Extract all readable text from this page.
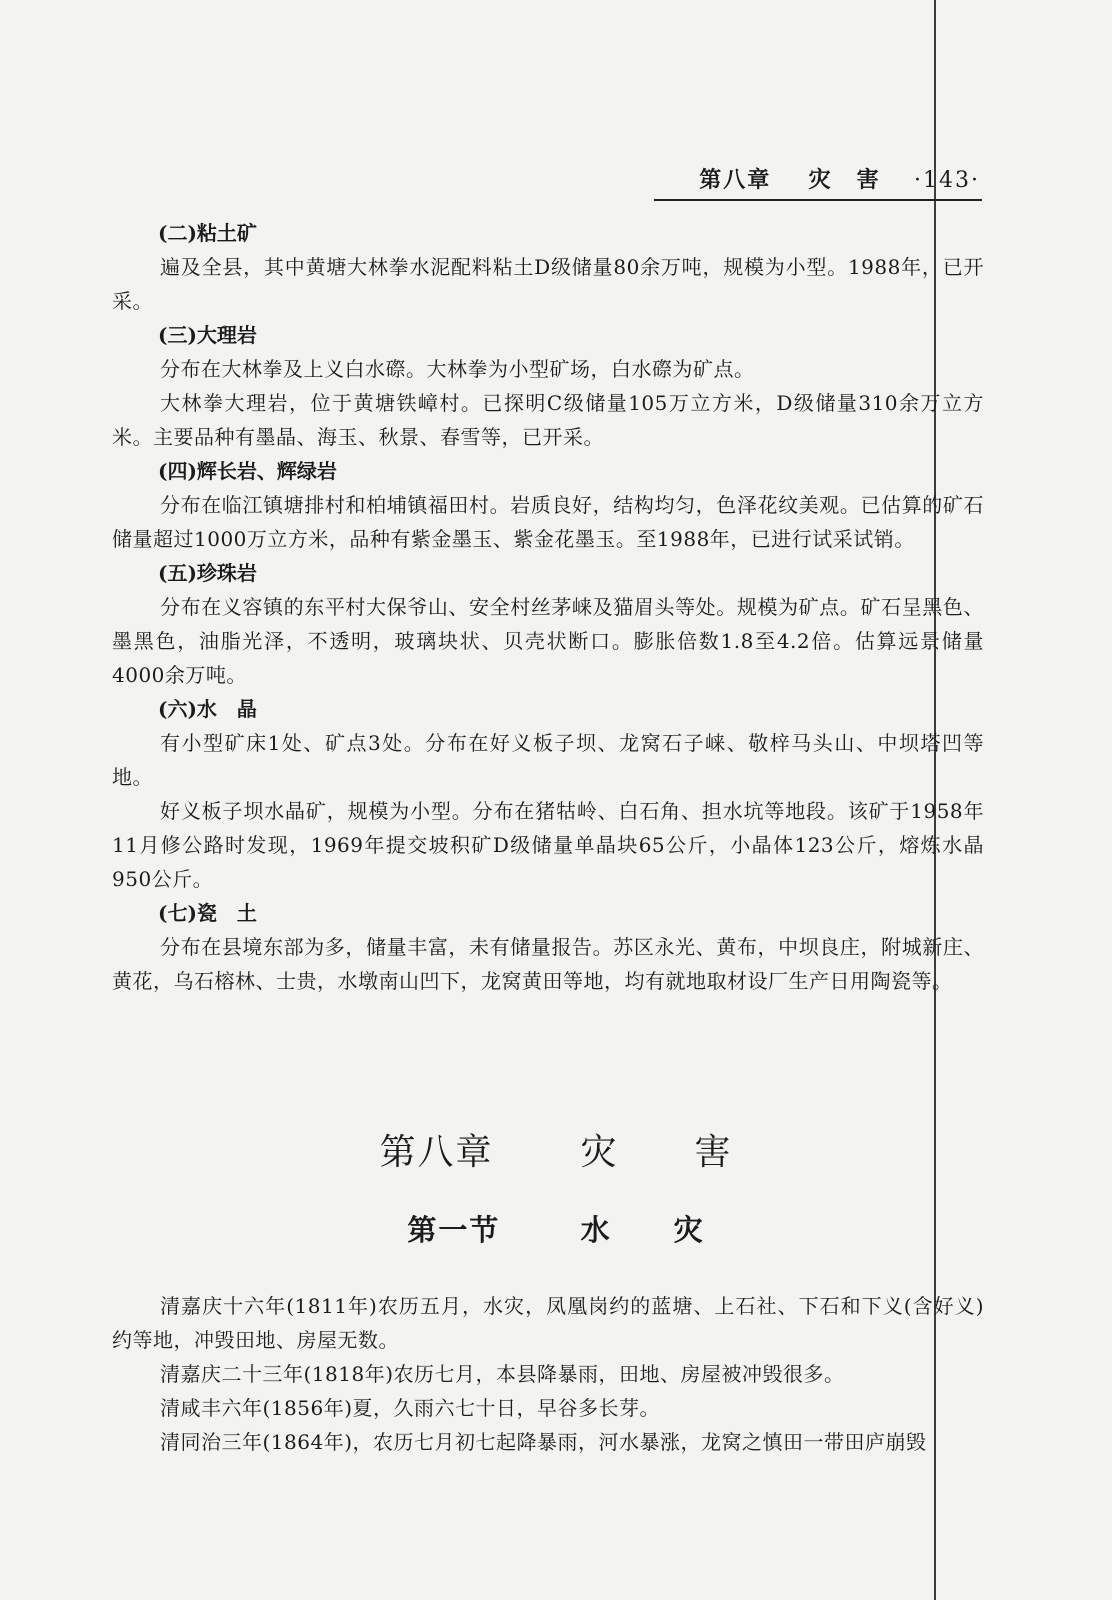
第八章 灾　害 ·143·
(二)粘土矿

遍及全县，其中黄塘大林拳水泥配料粘土D级储量80余万吨，规模为小型。1988年，已开采。

(三)大理岩

分布在大林拳及上义白水磜。大林拳为小型矿场，白水磜为矿点。

大林拳大理岩，位于黄塘铁嶂村。已探明C级储量105万立方米，D级储量310余万立方米。主要品种有墨晶、海玉、秋景、春雪等，已开采。

(四)辉长岩、辉绿岩

分布在临江镇塘排村和柏埔镇福田村。岩质良好，结构均匀，色泽花纹美观。已估算的矿石储量超过1000万立方米，品种有紫金墨玉、紫金花墨玉。至1988年，已进行试采试销。

(五)珍珠岩

分布在义容镇的东平村大保爷山、安全村丝茅崃及猫眉头等处。规模为矿点。矿石呈黑色、墨黑色，油脂光泽，不透明，玻璃块状、贝壳状断口。膨胀倍数1.8至4.2倍。估算远景储量4000余万吨。

(六)水　晶

有小型矿床1处、矿点3处。分布在好义板子坝、龙窝石子崃、敬梓马头山、中坝塔凹等地。

好义板子坝水晶矿，规模为小型。分布在猪牯岭、白石角、担水坑等地段。该矿于1958年11月修公路时发现，1969年提交坡积矿D级储量单晶块65公斤，小晶体123公斤，熔炼水晶950公斤。

(七)瓷　土

分布在县境东部为多，储量丰富，未有储量报告。苏区永光、黄布，中坝良庄，附城新庄、黄花，乌石榕林、士贵，水墩南山凹下，龙窝黄田等地，均有就地取材设厂生产日用陶瓷等。

第八章 灾　　害
第一节	水　　灾

清嘉庆十六年(1811年)农历五月，水灾，凤凰岗约的蓝塘、上石社、下石和下义(含好义)约等地，冲毁田地、房屋无数。

清嘉庆二十三年(1818年)农历七月，本县降暴雨，田地、房屋被冲毁很多。

清咸丰六年(1856年)夏，久雨六七十日，早谷多长芽。

清同治三年(1864年)，农历七月初七起降暴雨，河水暴涨，龙窝之慎田一带田庐崩毁
